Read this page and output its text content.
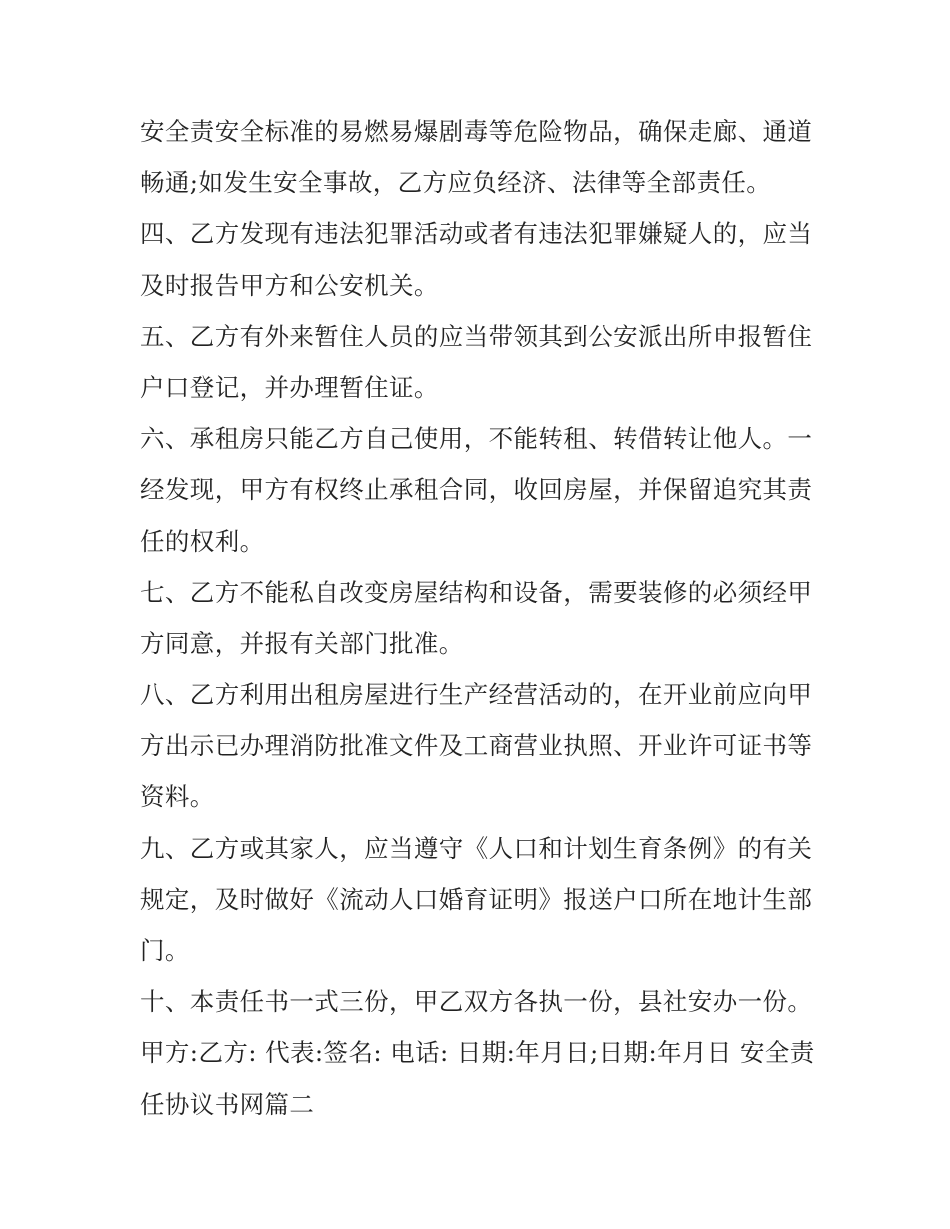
安全责安全标准的易燃易爆剧毒等危险物品，确保走廊、通道
畅通;如发生安全事故，乙方应负经济、法律等全部责任。
四、乙方发现有违法犯罪活动或者有违法犯罪嫌疑人的，应当
及时报告甲方和公安机关。
五、乙方有外来暂住人员的应当带领其到公安派出所申报暂住
户口登记，并办理暂住证。
六、承租房只能乙方自己使用，不能转租、转借转让他人。一
经发现，甲方有权终止承租合同，收回房屋，并保留追究其责
任的权利。
七、乙方不能私自改变房屋结构和设备，需要装修的必须经甲
方同意，并报有关部门批准。
八、乙方利用出租房屋进行生产经营活动的，在开业前应向甲
方出示已办理消防批准文件及工商营业执照、开业许可证书等
资料。
九、乙方或其家人，应当遵守《人口和计划生育条例》的有关
规定，及时做好《流动人口婚育证明》报送户口所在地计生部
门。
十、本责任书一式三份，甲乙双方各执一份，县社安办一份。
甲方:乙方: 代表:签名: 电话: 日期:年月日;日期:年月日 安全责
任协议书网篇二
